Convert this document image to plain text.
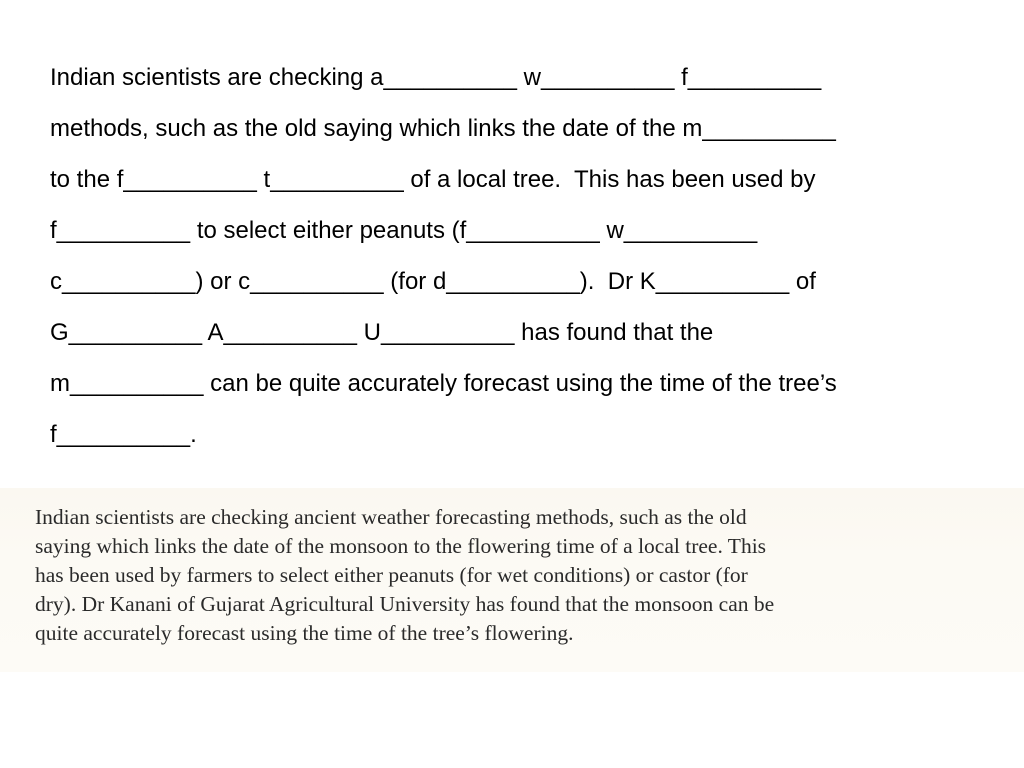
Indian scientists are checking a__________ w__________ f__________
methods, such as the old saying which links the date of the m__________
to the f__________ t__________ of a local tree.  This has been used by
f__________ to select either peanuts (f__________ w__________
c__________) or c__________ (for d__________).  Dr K__________ of
G__________ A__________ U__________ has found that the
m__________ can be quite accurately forecast using the time of the tree’s
f__________.
Indian scientists are checking ancient weather forecasting methods, such as the old
saying which links the date of the monsoon to the flowering time of a local tree. This
has been used by farmers to select either peanuts (for wet conditions) or castor (for
dry). Dr Kanani of Gujarat Agricultural University has found that the monsoon can be
quite accurately forecast using the time of the tree’s flowering.
